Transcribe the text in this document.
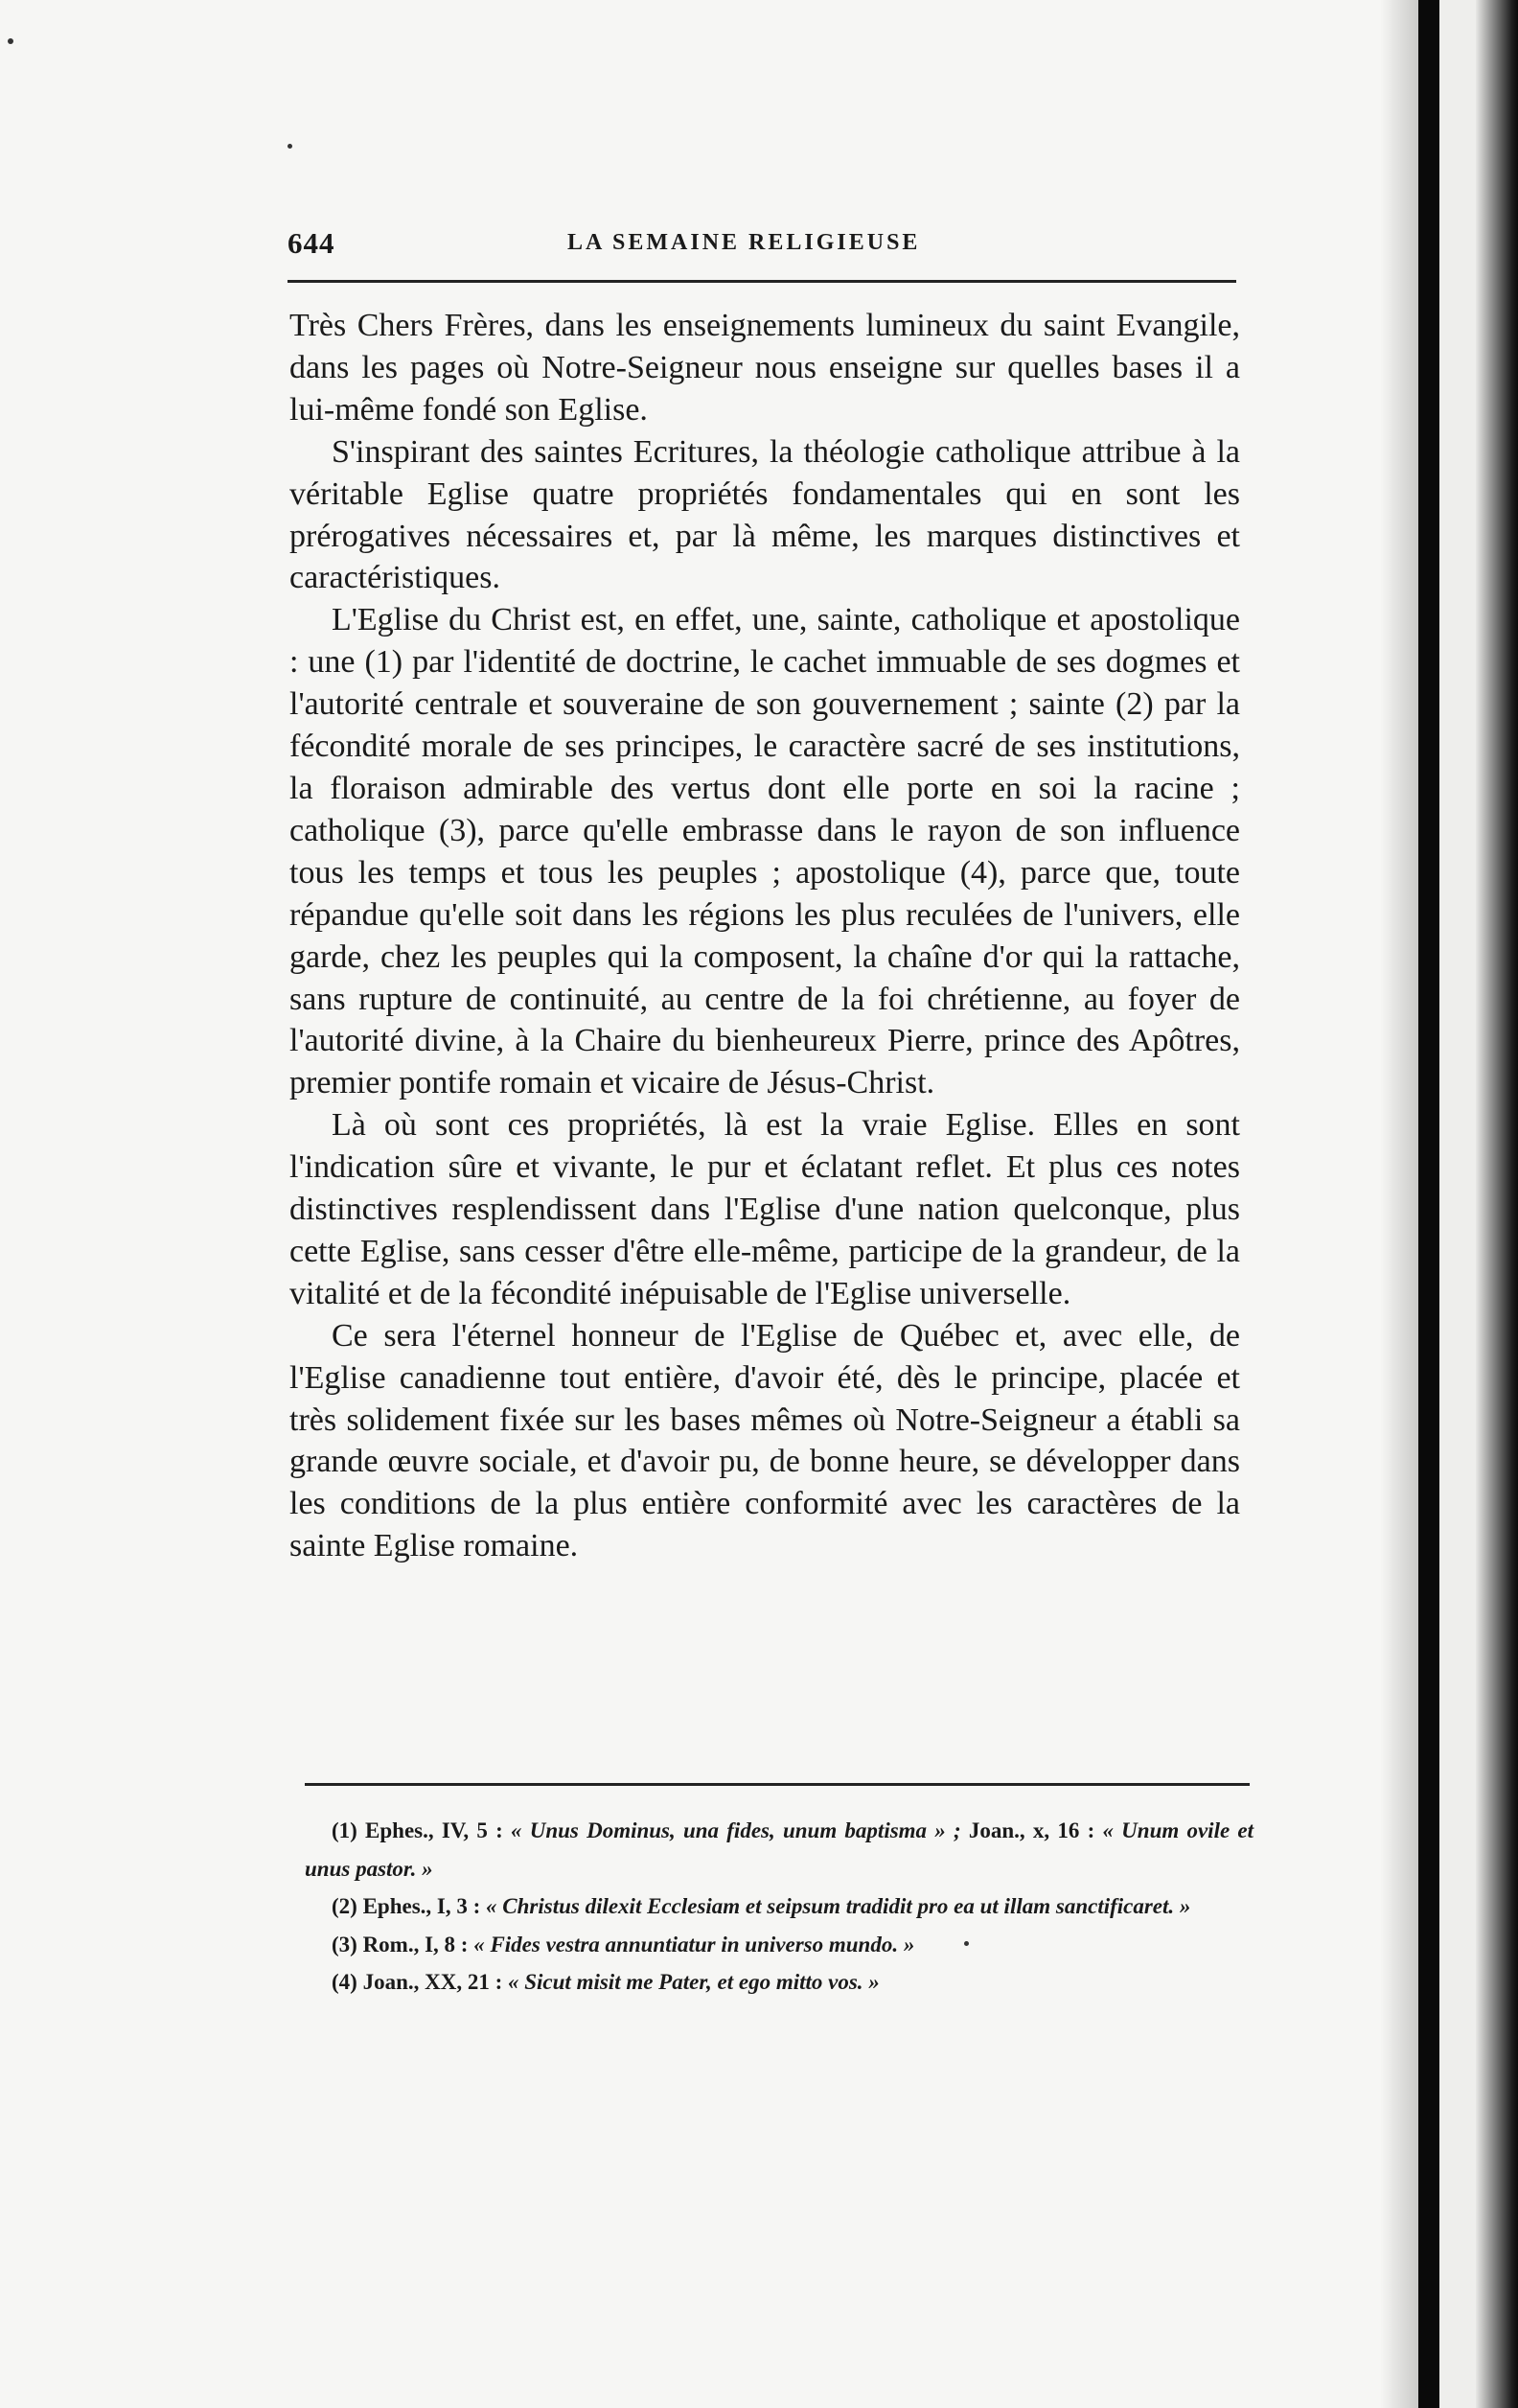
644	LA SEMAINE RELIGIEUSE

Très Chers Frères, dans les enseignements lumineux du saint Evangile, dans les pages où Notre-Seigneur nous enseigne sur quelles bases il a lui-même fondé son Eglise.

S'inspirant des saintes Ecritures, la théologie catholique attribue à la véritable Eglise quatre propriétés fondamentales qui en sont les prérogatives nécessaires et, par là même, les marques distinctives et caractéristiques.

L'Eglise du Christ est, en effet, une, sainte, catholique et apostolique : une (1) par l'identité de doctrine, le cachet immuable de ses dogmes et l'autorité centrale et souveraine de son gouvernement ; sainte (2) par la fécondité morale de ses principes, le caractère sacré de ses institutions, la floraison admirable des vertus dont elle porte en soi la racine ; catholique (3), parce qu'elle embrasse dans le rayon de son influence tous les temps et tous les peuples ; apostolique (4), parce que, toute répandue qu'elle soit dans les régions les plus reculées de l'univers, elle garde, chez les peuples qui la composent, la chaîne d'or qui la rattache, sans rupture de continuité, au centre de la foi chrétienne, au foyer de l'autorité divine, à la Chaire du bienheureux Pierre, prince des Apôtres, premier pontife romain et vicaire de Jésus-Christ.

Là où sont ces propriétés, là est la vraie Eglise. Elles en sont l'indication sûre et vivante, le pur et éclatant reflet. Et plus ces notes distinctives resplendissent dans l'Eglise d'une nation quelconque, plus cette Eglise, sans cesser d'être elle-même, participe de la grandeur, de la vitalité et de la fécondité inépuisable de l'Eglise universelle.

Ce sera l'éternel honneur de l'Eglise de Québec et, avec elle, de l'Eglise canadienne tout entière, d'avoir été, dès le principe, placée et très solidement fixée sur les bases mêmes où Notre-Seigneur a établi sa grande œuvre sociale, et d'avoir pu, de bonne heure, se développer dans les conditions de la plus entière conformité avec les caractères de la sainte Eglise romaine.

(1) Ephes., IV, 5 : « Unus Dominus, una fides, unum baptisma » ; Joan., x, 16 : « Unum ovile et unus pastor. »

(2) Ephes., I, 3 : « Christus dilexit Ecclesiam et seipsum tradidit pro ea ut illam sanctificaret. »

(3) Rom., I, 8 : « Fides vestra annuntiatur in universo mundo. »

(4) Joan., XX, 21 : « Sicut misit me Pater, et ego mitto vos. »
